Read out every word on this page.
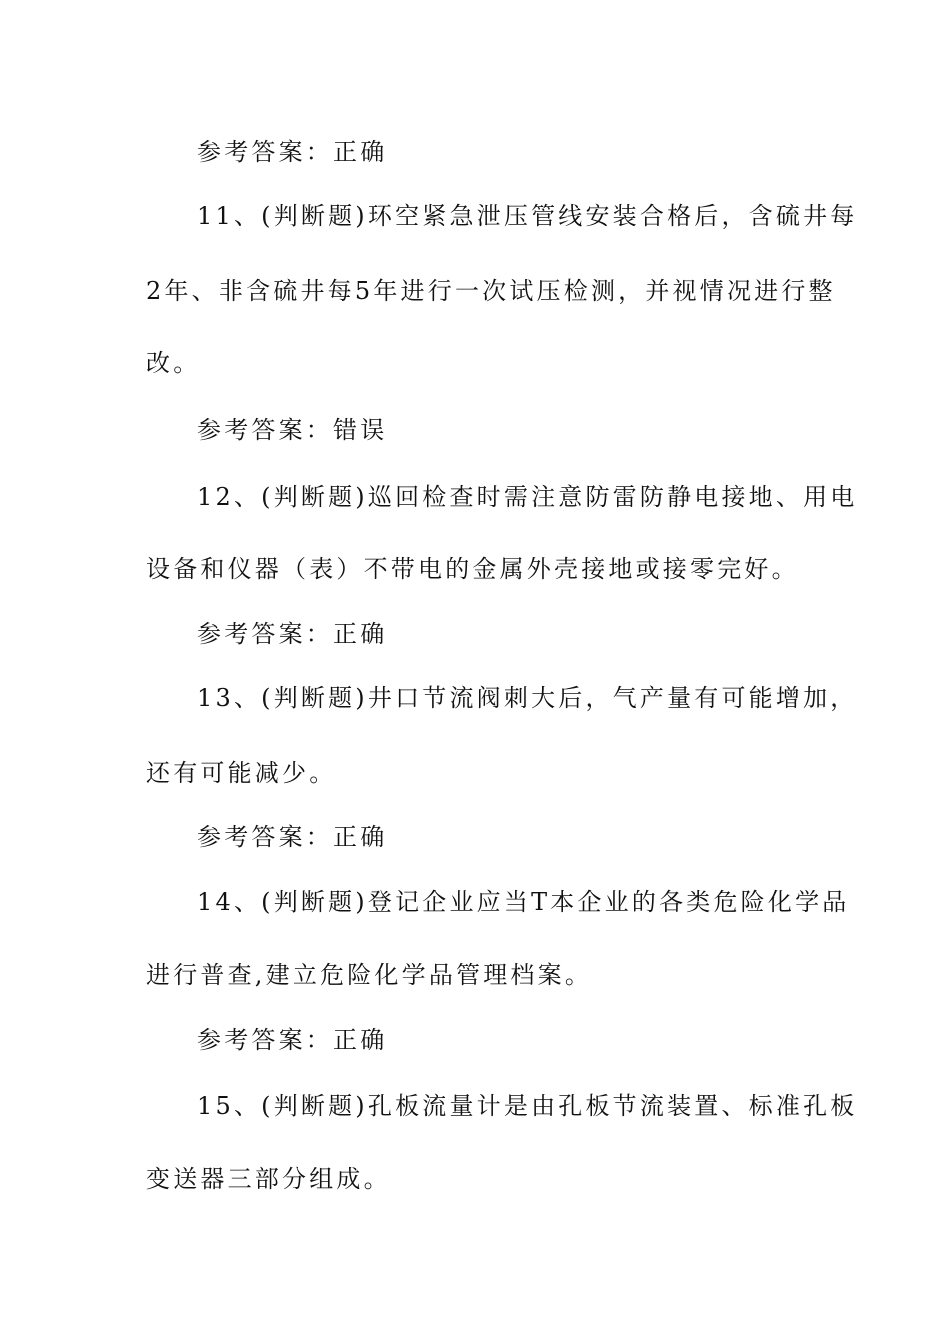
参考答案：正确
11、(判断题)环空紧急泄压管线安装合格后，含硫井每
2年、非含硫井每5年进行一次试压检测，并视情况进行整
改。
参考答案：错误
12、(判断题)巡回检查时需注意防雷防静电接地、用电
设备和仪器（表）不带电的金属外壳接地或接零完好。
参考答案：正确
13、(判断题)井口节流阀刺大后，气产量有可能增加，
还有可能减少。
参考答案：正确
14、(判断题)登记企业应当T本企业的各类危险化学品
进行普查,建立危险化学品管理档案。
参考答案：正确
15、(判断题)孔板流量计是由孔板节流装置、标准孔板
变送器三部分组成。
